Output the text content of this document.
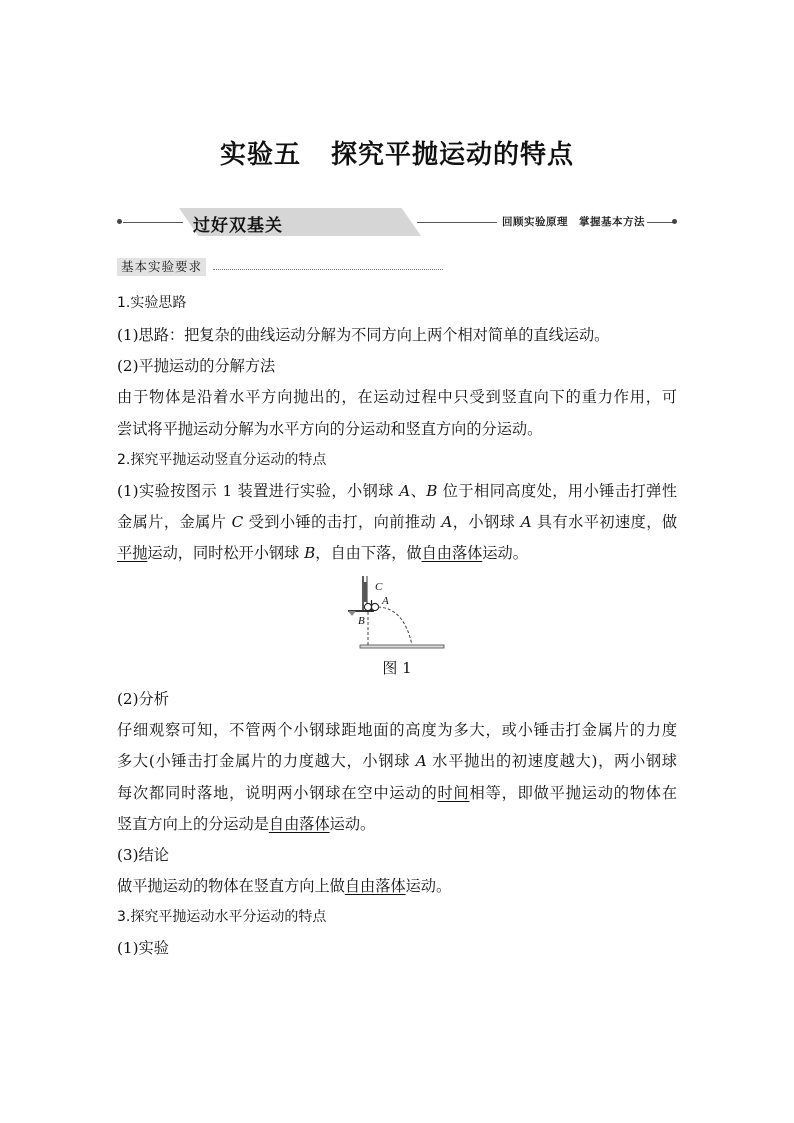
实验五 探究平抛运动的特点
过好双基关	回顾实验原理　掌握基本方法
基本实验要求
1.实验思路
(1)思路：把复杂的曲线运动分解为不同方向上两个相对简单的直线运动。
(2)平抛运动的分解方法
由于物体是沿着水平方向抛出的，在运动过程中只受到竖直向下的重力作用，可
尝试将平抛运动分解为水平方向的分运动和竖直方向的分运动。
2.探究平抛运动竖直分运动的特点
(1)实验按图示 1 装置进行实验，小钢球 A、B 位于相同高度处，用小锤击打弹性
金属片，金属片 C 受到小锤的击打，向前推动 A，小钢球 A 具有水平初速度，做
平抛运动，同时松开小钢球 B，自由下落，做自由落体运动。
C
A
B
图 1
(2)分析
仔细观察可知，不管两个小钢球距地面的高度为多大，或小锤击打金属片的力度
多大(小锤击打金属片的力度越大，小钢球 A 水平抛出的初速度越大)，两小钢球
每次都同时落地，说明两小钢球在空中运动的时间相等，即做平抛运动的物体在
竖直方向上的分运动是自由落体运动。
(3)结论
做平抛运动的物体在竖直方向上做自由落体运动。
3.探究平抛运动水平分运动的特点
(1)实验
